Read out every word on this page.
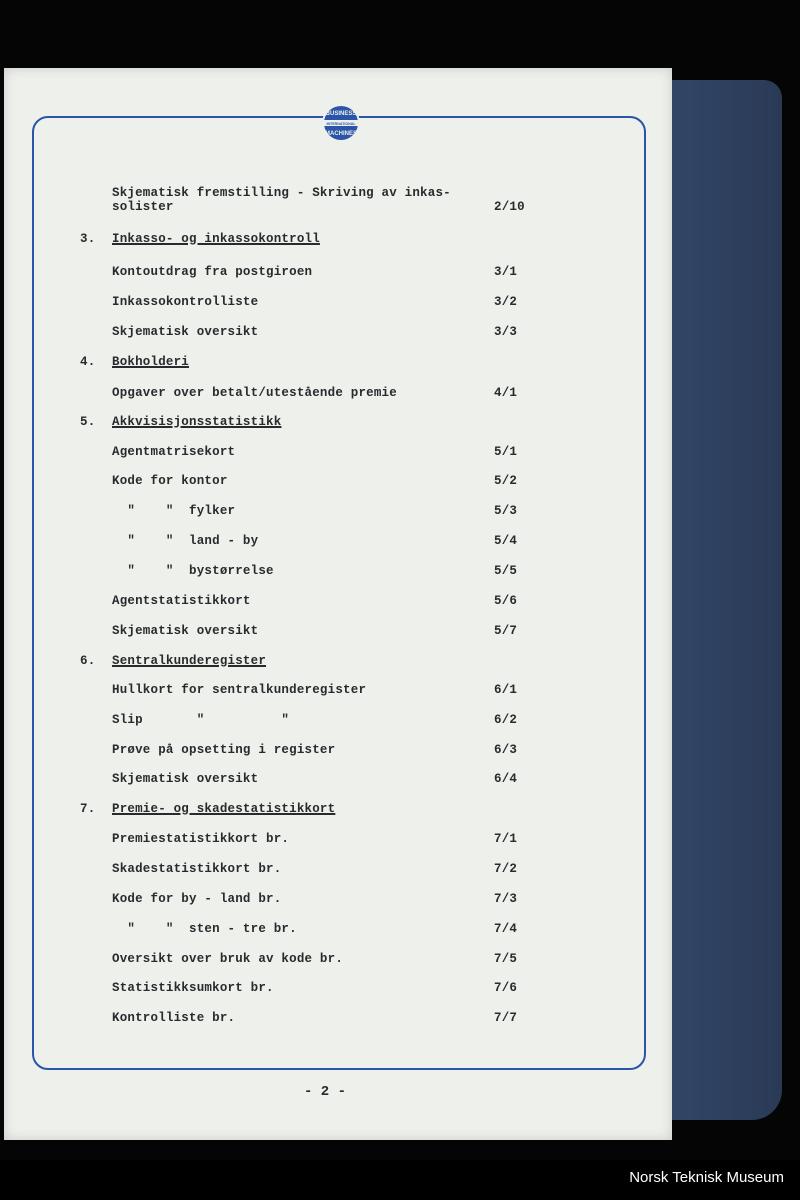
BUSINESS
INTERNATIONAL
MACHINES
Skjematisk fremstilling - Skriving av inkas-
solister	2/10
3. Inkasso- og inkassokontroll
Kontoutdrag fra postgiroen	3/1
Inkassokontrolliste	3/2
Skjematisk oversikt	3/3
4. Bokholderi
Opgaver over betalt/utestående premie	4/1
5. Akkvisisjonsstatistikk
Agentmatrisekort	5/1
Kode for kontor	5/2
"    "  fylker	5/3
"    "  land - by	5/4
"    "  bystørrelse	5/5
Agentstatistikkort	5/6
Skjematisk oversikt	5/7
6. Sentralkunderegister
Hullkort for sentralkunderegister	6/1
Slip       "          "	6/2
Prøve på opsetting i register	6/3
Skjematisk oversikt	6/4
7. Premie- og skadestatistikkort
Premiestatistikkort br.	7/1
Skadestatistikkort br.	7/2
Kode for by - land br.	7/3
"    "  sten - tre br.	7/4
Oversikt over bruk av kode br.	7/5
Statistikksumkort br.	7/6
Kontrolliste br.	7/7
- 2 -
Norsk Teknisk Museum
